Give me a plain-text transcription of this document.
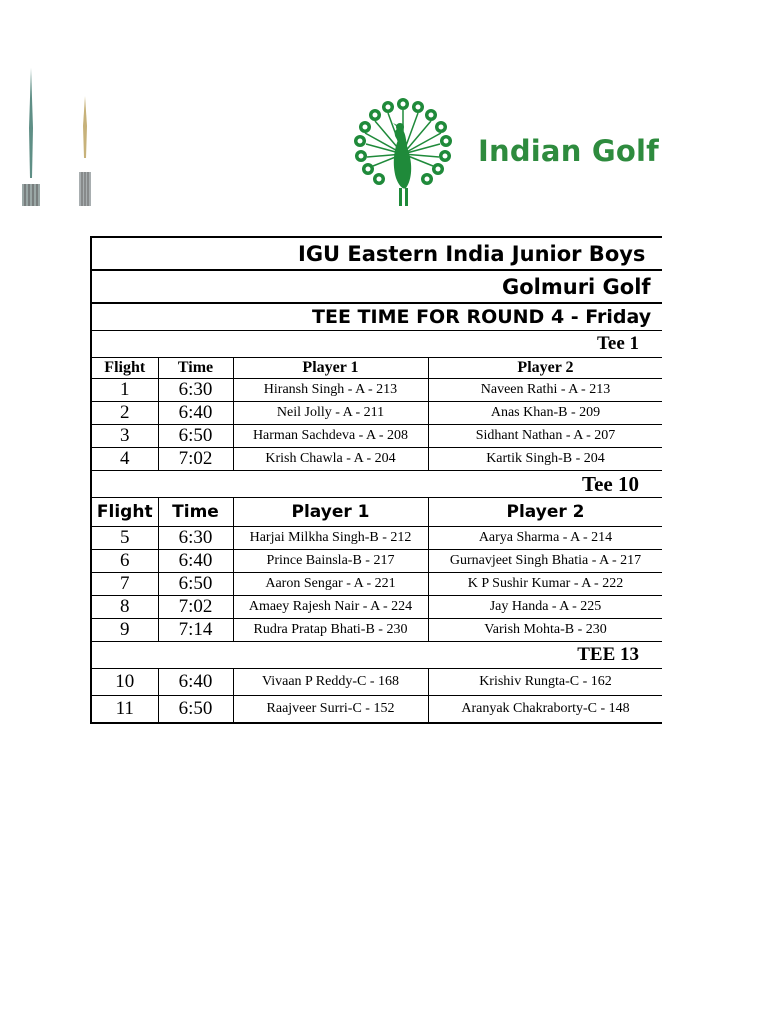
Indian Golf
IGU Eastern India Junior Boys			
Golmuri Golf			
TEE TIME FOR ROUND 4 - Friday			
Tee 1			
Flight	Time	Player 1	Player 2
1	6:30	Hiransh Singh - A - 213	Naveen Rathi - A - 213
2	6:40	Neil Jolly - A - 211	Anas Khan-B - 209
3	6:50	Harman Sachdeva - A - 208	Sidhant Nathan - A - 207
4	7:02	Krish Chawla - A - 204	Kartik Singh-B - 204
Tee 10			
Flight	Time	Player 1	Player 2
5	6:30	Harjai Milkha Singh-B - 212	Aarya Sharma - A - 214
6	6:40	Prince Bainsla-B - 217	Gurnavjeet Singh Bhatia - A - 217
7	6:50	Aaron Sengar - A - 221	K P Sushir Kumar - A - 222
8	7:02	Amaey Rajesh Nair - A - 224	Jay Handa - A - 225
9	7:14	Rudra Pratap Bhati-B - 230	Varish Mohta-B - 230
TEE 13			
10	6:40	Vivaan P Reddy-C - 168	Krishiv Rungta-C - 162
11	6:50	Raajveer Surri-C - 152	Aranyak Chakraborty-C - 148
